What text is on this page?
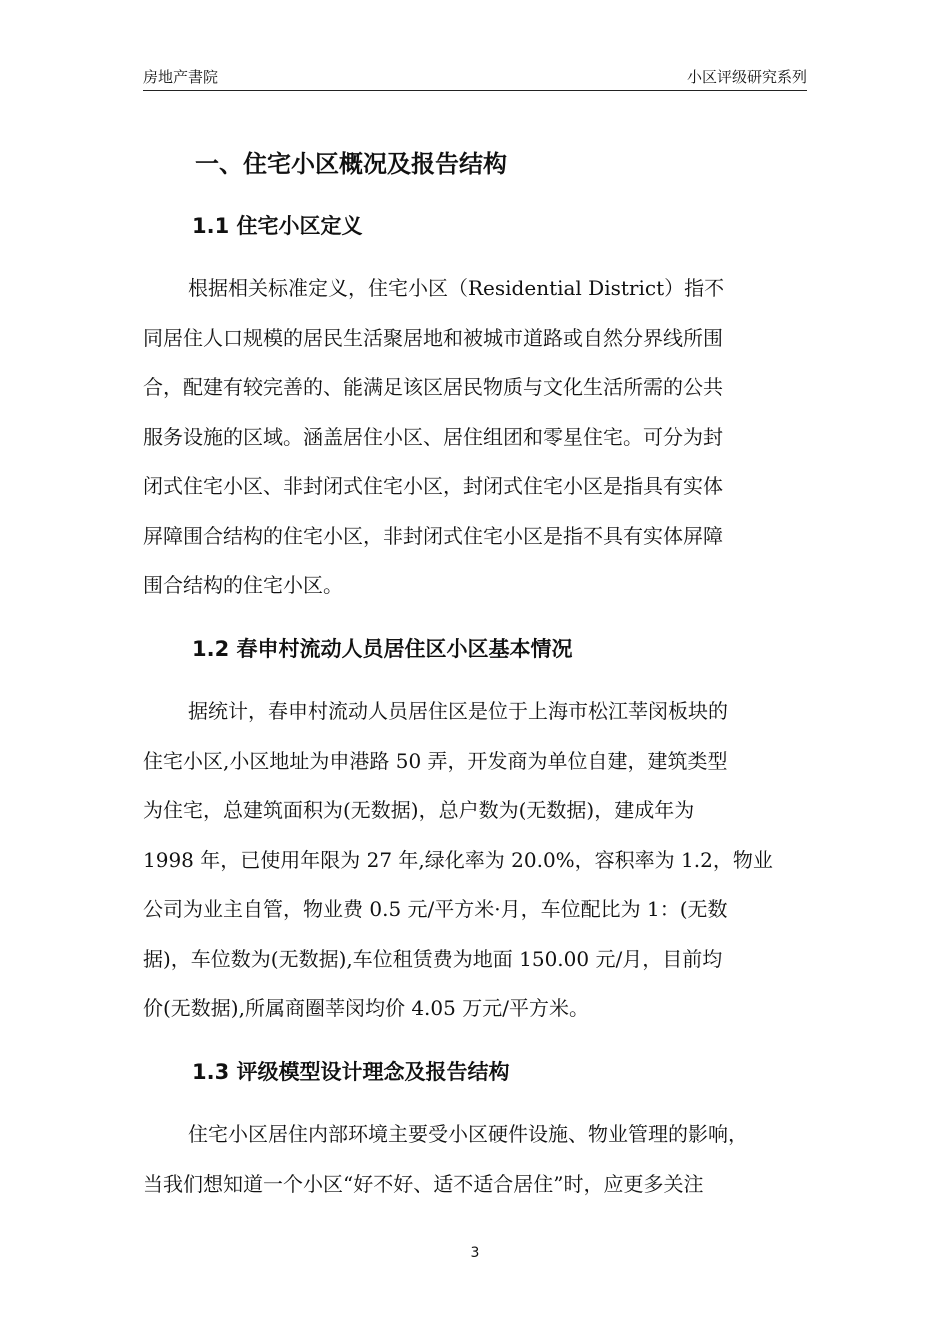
房地产書院	小区评级研究系列
一、住宅小区概况及报告结构
1.1 住宅小区定义

根据相关标准定义，住宅小区（Residential District）指不
同居住人口规模的居民生活聚居地和被城市道路或自然分界线所围
合，配建有较完善的、能满足该区居民物质与文化生活所需的公共
服务设施的区域。涵盖居住小区、居住组团和零星住宅。可分为封
闭式住宅小区、非封闭式住宅小区，封闭式住宅小区是指具有实体
屏障围合结构的住宅小区，非封闭式住宅小区是指不具有实体屏障
围合结构的住宅小区。

1.2 春申村流动人员居住区小区基本情况

据统计，春申村流动人员居住区是位于上海市松江莘闵板块的
住宅小区,小区地址为申港路 50 弄，开发商为单位自建，建筑类型
为住宅，总建筑面积为(无数据)，总户数为(无数据)，建成年为
1998 年，已使用年限为 27 年,绿化率为 20.0%，容积率为 1.2，物业
公司为业主自管，物业费 0.5 元/平方米·月，车位配比为 1：(无数
据)，车位数为(无数据),车位租赁费为地面 150.00 元/月，目前均
价(无数据),所属商圈莘闵均价 4.05 万元/平方米。

1.3 评级模型设计理念及报告结构

住宅小区居住内部环境主要受小区硬件设施、物业管理的影响，
当我们想知道一个小区“好不好、适不适合居住”时，应更多关注

3
